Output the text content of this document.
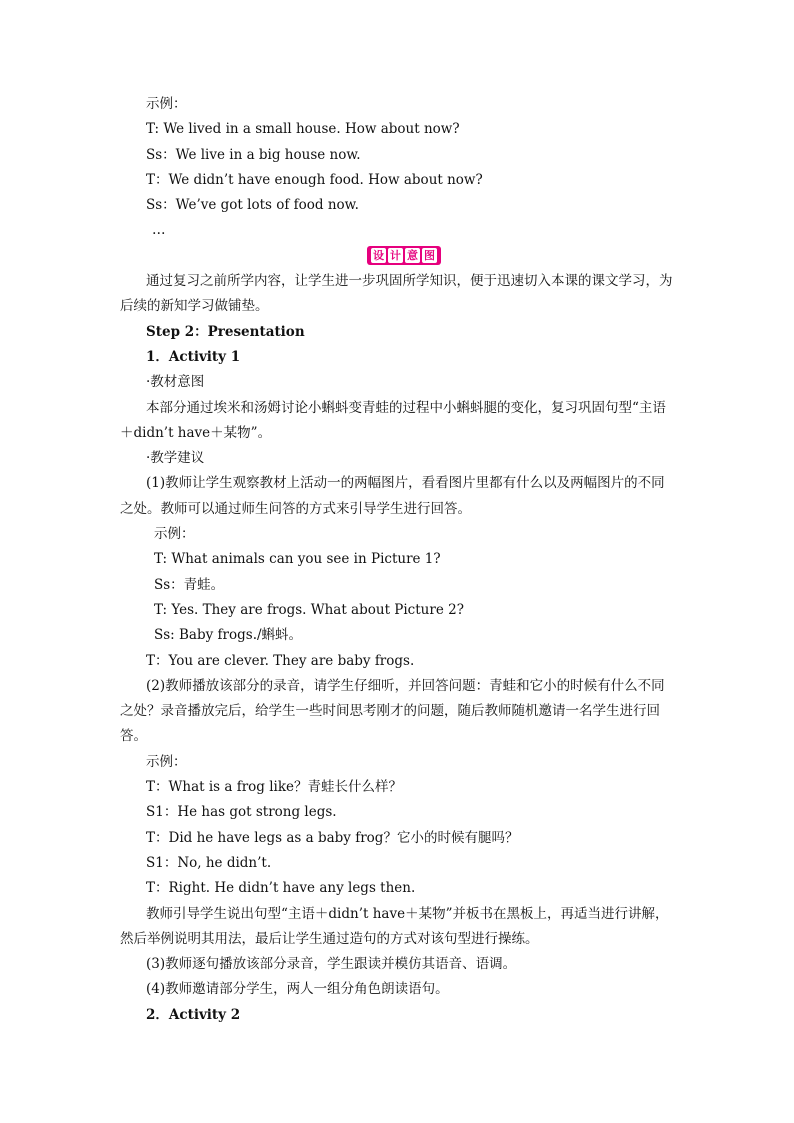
示例：
T: We lived in a small house. How about now?
Ss：We live in a big house now.
T：We didn’t have enough food. How about now?
Ss：We’ve got lots of food now.
…
设 计 意 图
通过复习之前所学内容，让学生进一步巩固所学知识，便于迅速切入本课的课文学习，为后续的新知学习做铺垫。
Step 2：Presentation
1．Activity 1
·教材意图
本部分通过埃米和汤姆讨论小蝌蚪变青蛙的过程中小蝌蚪腿的变化，复习巩固句型“主语＋didn’t have＋某物”。
·教学建议
(1)教师让学生观察教材上活动一的两幅图片，看看图片里都有什么以及两幅图片的不同之处。教师可以通过师生问答的方式来引导学生进行回答。
示例：
T: What animals can you see in Picture 1?
Ss：青蛙。
T: Yes. They are frogs. What about Picture 2?
Ss: Baby frogs./蝌蚪。
T：You are clever. They are baby frogs.
(2)教师播放该部分的录音，请学生仔细听，并回答问题：青蛙和它小的时候有什么不同之处？录音播放完后，给学生一些时间思考刚才的问题，随后教师随机邀请一名学生进行回答。
示例：
T：What is a frog like？青蛙长什么样？
S1：He has got strong legs.
T：Did he have legs as a baby frog？它小的时候有腿吗？
S1：No, he didn’t.
T：Right. He didn’t have any legs then.
教师引导学生说出句型“主语＋didn’t have＋某物”并板书在黑板上，再适当进行讲解，然后举例说明其用法，最后让学生通过造句的方式对该句型进行操练。
(3)教师逐句播放该部分录音，学生跟读并模仿其语音、语调。
(4)教师邀请部分学生，两人一组分角色朗读语句。
2．Activity 2
